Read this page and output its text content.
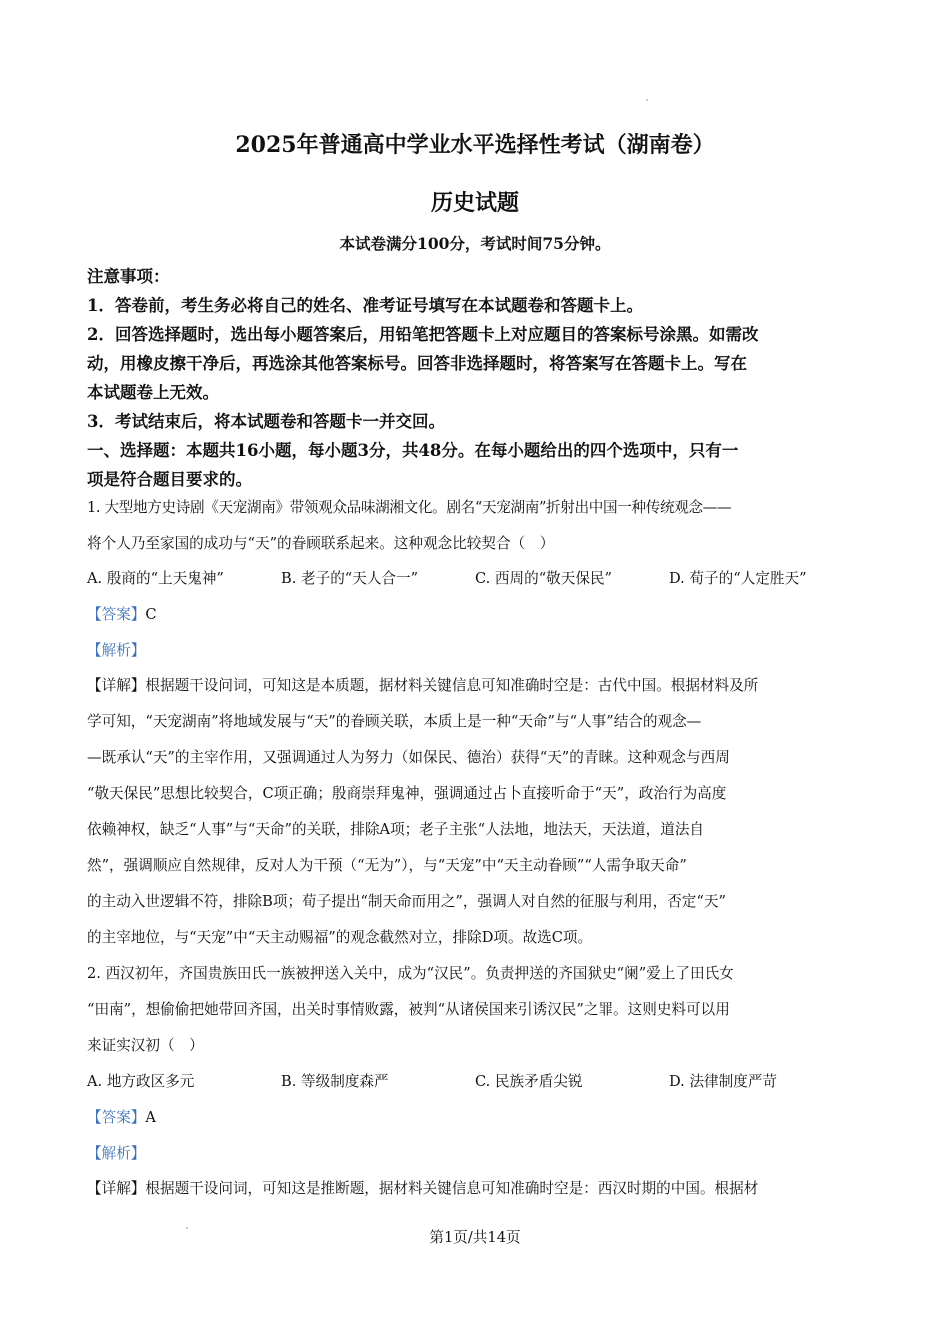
2025年普通高中学业水平选择性考试（湖南卷）
历史试题
本试卷满分100分，考试时间75分钟。
注意事项：
1．答卷前，考生务必将自己的姓名、准考证号填写在本试题卷和答题卡上。
2．回答选择题时，选出每小题答案后，用铅笔把答题卡上对应题目的答案标号涂黑。如需改
动，用橡皮擦干净后，再选涂其他答案标号。回答非选择题时，将答案写在答题卡上。写在
本试题卷上无效。
3．考试结束后，将本试题卷和答题卡一并交回。
一、选择题：本题共16小题，每小题3分，共48分。在每小题给出的四个选项中，只有一
项是符合题目要求的。
1. 大型地方史诗剧《天宠湖南》带领观众品味湖湘文化。剧名“天宠湖南”折射出中国一种传统观念——
将个人乃至家国的成功与“天”的眷顾联系起来。这种观念比较契合（　）
A. 殷商的“上天鬼神”	B. 老子的“天人合一”	C. 西周的“敬天保民”	D. 荀子的“人定胜天”
【答案】C
【解析】
【详解】根据题干设问词，可知这是本质题，据材料关键信息可知准确时空是：古代中国。根据材料及所
学可知，“天宠湖南”将地域发展与“天”的眷顾关联，本质上是一种“天命”与“人事”结合的观念—
—既承认“天”的主宰作用，又强调通过人为努力（如保民、德治）获得“天”的青睐。这种观念与西周
“敬天保民”思想比较契合，C项正确；殷商崇拜鬼神，强调通过占卜直接听命于“天”，政治行为高度
依赖神权，缺乏“人事”与“天命”的关联，排除A项；老子主张“人法地，地法天，天法道，道法自
然”，强调顺应自然规律，反对人为干预（“无为”），与“天宠”中“天主动眷顾”“人需争取天命”
的主动入世逻辑不符，排除B项；荀子提出“制天命而用之”，强调人对自然的征服与利用，否定“天”
的主宰地位，与“天宠”中“天主动赐福”的观念截然对立，排除D项。故选C项。
2. 西汉初年，齐国贵族田氏一族被押送入关中，成为“汉民”。负责押送的齐国狱史“阑”爱上了田氏女
“田南”，想偷偷把她带回齐国，出关时事情败露，被判“从诸侯国来引诱汉民”之罪。这则史料可以用
来证实汉初（　）
A. 地方政区多元	B. 等级制度森严	C. 民族矛盾尖锐	D. 法律制度严苛
【答案】A
【解析】
【详解】根据题干设问词，可知这是推断题，据材料关键信息可知准确时空是：西汉时期的中国。根据材
第1页/共14页
